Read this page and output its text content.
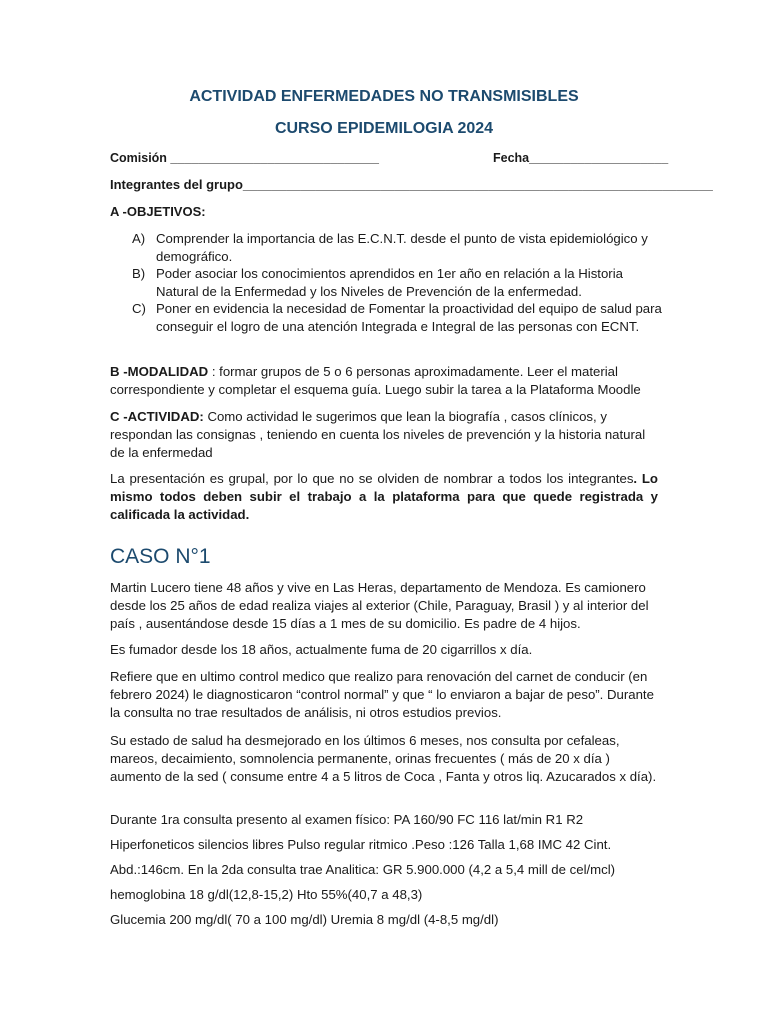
ACTIVIDAD ENFERMEDADES NO TRANSMISIBLES
CURSO EPIDEMILOGIA 2024
Comisión ______________________________	Fecha____________________
Integrantes del grupo_________________________________________________________________
A -OBJETIVOS:
A) Comprender la importancia de las E.C.N.T. desde el punto de vista epidemiológico y demográfico.
B) Poder asociar los conocimientos aprendidos en 1er año en relación a la Historia Natural de la Enfermedad y los Niveles de Prevención de la enfermedad.
C) Poner en evidencia la necesidad de Fomentar la proactividad del equipo de salud para conseguir el logro de una atención Integrada e Integral de las personas con ECNT.
B -MODALIDAD : formar grupos de 5 o 6 personas aproximadamente. Leer el material correspondiente y completar el esquema guía. Luego subir la tarea a la Plataforma Moodle
C -ACTIVIDAD: Como actividad le sugerimos que lean la biografía , casos clínicos, y respondan las consignas , teniendo en cuenta los niveles de prevención y la historia natural de la enfermedad
La presentación es grupal, por lo que no se olviden de nombrar a todos los integrantes. Lo mismo todos deben subir el trabajo a la plataforma para que quede registrada y calificada la actividad.
CASO N°1
Martin Lucero tiene 48 años y vive en Las Heras, departamento de Mendoza. Es camionero desde los 25 años de edad realiza viajes al exterior (Chile, Paraguay, Brasil ) y al interior del país , ausentándose desde 15 días a 1 mes de su domicilio. Es padre de 4 hijos.
Es fumador desde los 18 años, actualmente fuma de 20 cigarrillos x día.
Refiere que en ultimo control medico que realizo para renovación del carnet de conducir (en febrero 2024) le diagnosticaron “control normal” y que “ lo enviaron a bajar de peso”. Durante la consulta no trae resultados de análisis, ni otros estudios previos.
Su estado de salud ha desmejorado en los últimos 6 meses, nos consulta por cefaleas, mareos, decaimiento, somnolencia permanente, orinas frecuentes ( más de 20 x día ) aumento de la sed ( consume entre 4 a 5 litros de Coca , Fanta y otros liq. Azucarados x día).
Durante 1ra consulta presento al examen físico: PA 160/90 FC 116 lat/min R1 R2
Hiperfoneticos silencios libres Pulso regular ritmico .Peso :126 Talla 1,68 IMC 42 Cint.
Abd.:146cm. En la 2da consulta trae Analitica: GR 5.900.000 (4,2 a 5,4 mill de cel/mcl)
hemoglobina 18 g/dl(12,8-15,2) Hto 55%(40,7 a 48,3)
Glucemia 200 mg/dl( 70 a 100 mg/dl) Uremia 8 mg/dl (4-8,5 mg/dl)
